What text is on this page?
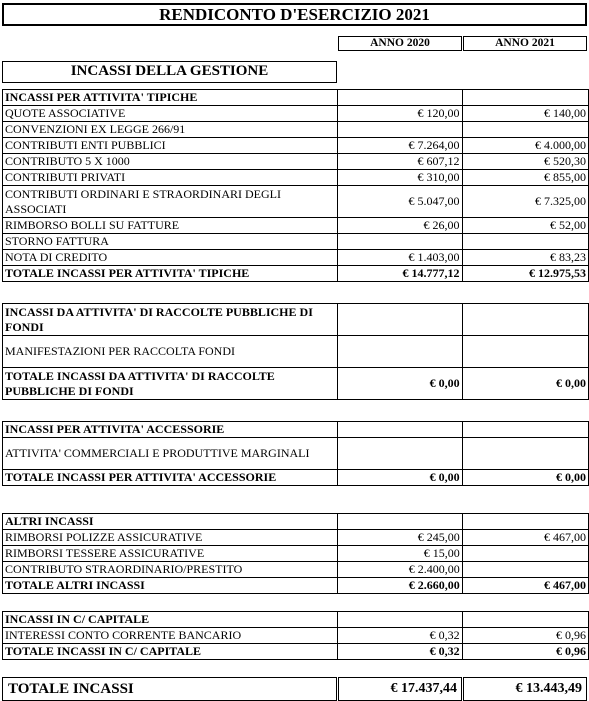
RENDICONTO D'ESERCIZIO 2021
ANNO 2020	ANNO 2021
INCASSI DELLA GESTIONE
INCASSI PER ATTIVITA' TIPICHE		
QUOTE ASSOCIATIVE	€ 120,00	€ 140,00
CONVENZIONI EX LEGGE 266/91		
CONTRIBUTI ENTI PUBBLICI	€ 7.264,00	€ 4.000,00
CONTRIBUTO 5 X 1000	€ 607,12	€ 520,30
CONTRIBUTI PRIVATI	€ 310,00	€ 855,00
CONTRIBUTI ORDINARI E STRAORDINARI DEGLI ASSOCIATI	€ 5.047,00	€ 7.325,00
RIMBORSO BOLLI SU FATTURE	€ 26,00	€ 52,00
STORNO FATTURA		
NOTA DI CREDITO	€ 1.403,00	€ 83,23
TOTALE INCASSI PER ATTIVITA' TIPICHE	€ 14.777,12	€ 12.975,53
INCASSI DA ATTIVITA' DI RACCOLTE PUBBLICHE DI FONDI		
MANIFESTAZIONI PER RACCOLTA FONDI		
TOTALE INCASSI DA ATTIVITA' DI RACCOLTE PUBBLICHE DI FONDI	€ 0,00	€ 0,00
INCASSI PER ATTIVITA' ACCESSORIE		
ATTIVITA' COMMERCIALI E PRODUTTIVE MARGINALI		
TOTALE INCASSI PER ATTIVITA' ACCESSORIE	€ 0,00	€ 0,00
ALTRI INCASSI		
RIMBORSI POLIZZE ASSICURATIVE	€ 245,00	€ 467,00
RIMBORSI TESSERE ASSICURATIVE	€ 15,00	
CONTRIBUTO STRAORDINARIO/PRESTITO	€ 2.400,00	
TOTALE ALTRI INCASSI	€ 2.660,00	€ 467,00
INCASSI IN C/ CAPITALE		
INTERESSI CONTO CORRENTE BANCARIO	€ 0,32	€ 0,96
TOTALE INCASSI IN C/ CAPITALE	€ 0,32	€ 0,96
TOTALE INCASSI	€ 17.437,44	€ 13.443,49
